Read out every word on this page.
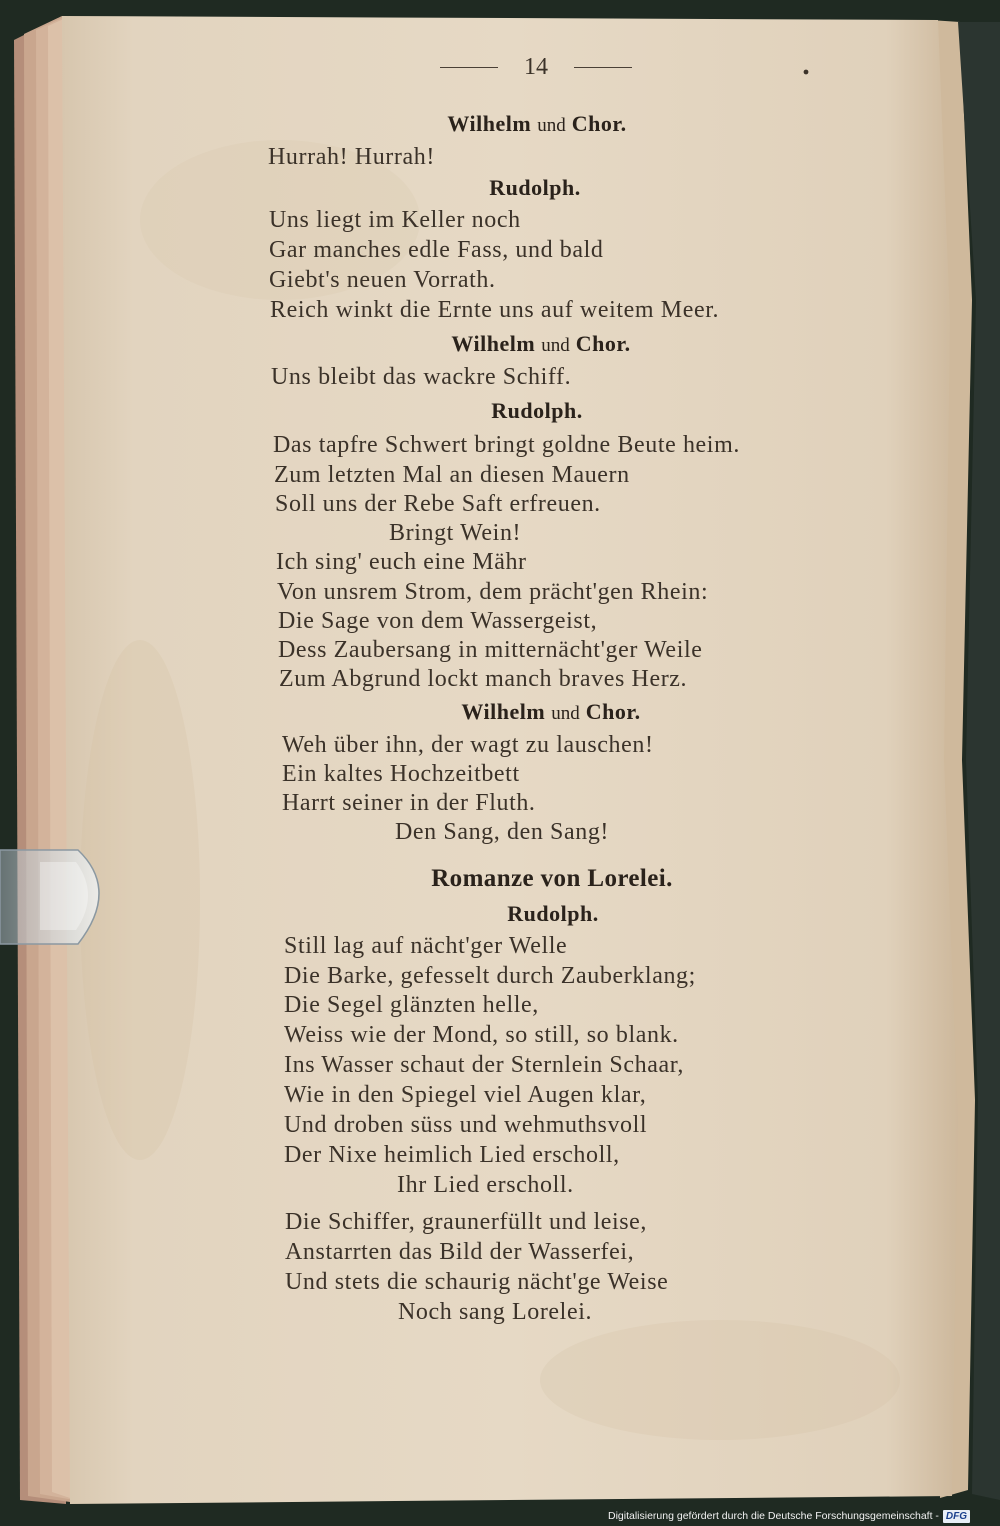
14
Wilhelm und Chor.
Hurrah! Hurrah!
Rudolph.
Uns liegt im Keller noch
Gar manches edle Fass, und bald
Giebt's neuen Vorrath.
Reich winkt die Ernte uns auf weitem Meer.
Wilhelm und Chor.
Uns bleibt das wackre Schiff.
Rudolph.
Das tapfre Schwert bringt goldne Beute heim.
Zum letzten Mal an diesen Mauern
Soll uns der Rebe Saft erfreuen.
Bringt Wein!
Ich sing' euch eine Mähr
Von unsrem Strom, dem prächt'gen Rhein:
Die Sage von dem Wassergeist,
Dess Zaubersang in mitternächt'ger Weile
Zum Abgrund lockt manch braves Herz.
Wilhelm und Chor.
Weh über ihn, der wagt zu lauschen!
Ein kaltes Hochzeitbett
Harrt seiner in der Fluth.
Den Sang, den Sang!
Romanze von Lorelei.
Rudolph.
Still lag auf nächt'ger Welle
Die Barke, gefesselt durch Zauberklang;
Die Segel glänzten helle,
Weiss wie der Mond, so still, so blank.
Ins Wasser schaut der Sternlein Schaar,
Wie in den Spiegel viel Augen klar,
Und droben süss und wehmuthsvoll
Der Nixe heimlich Lied erscholl,
Ihr Lied erscholl.
Die Schiffer, graunerfüllt und leise,
Anstarrten das Bild der Wasserfei,
Und stets die schaurig nächt'ge Weise
Noch sang Lorelei.
Digitalisierung gefördert durch die Deutsche Forschungsgemeinschaft - DFG
